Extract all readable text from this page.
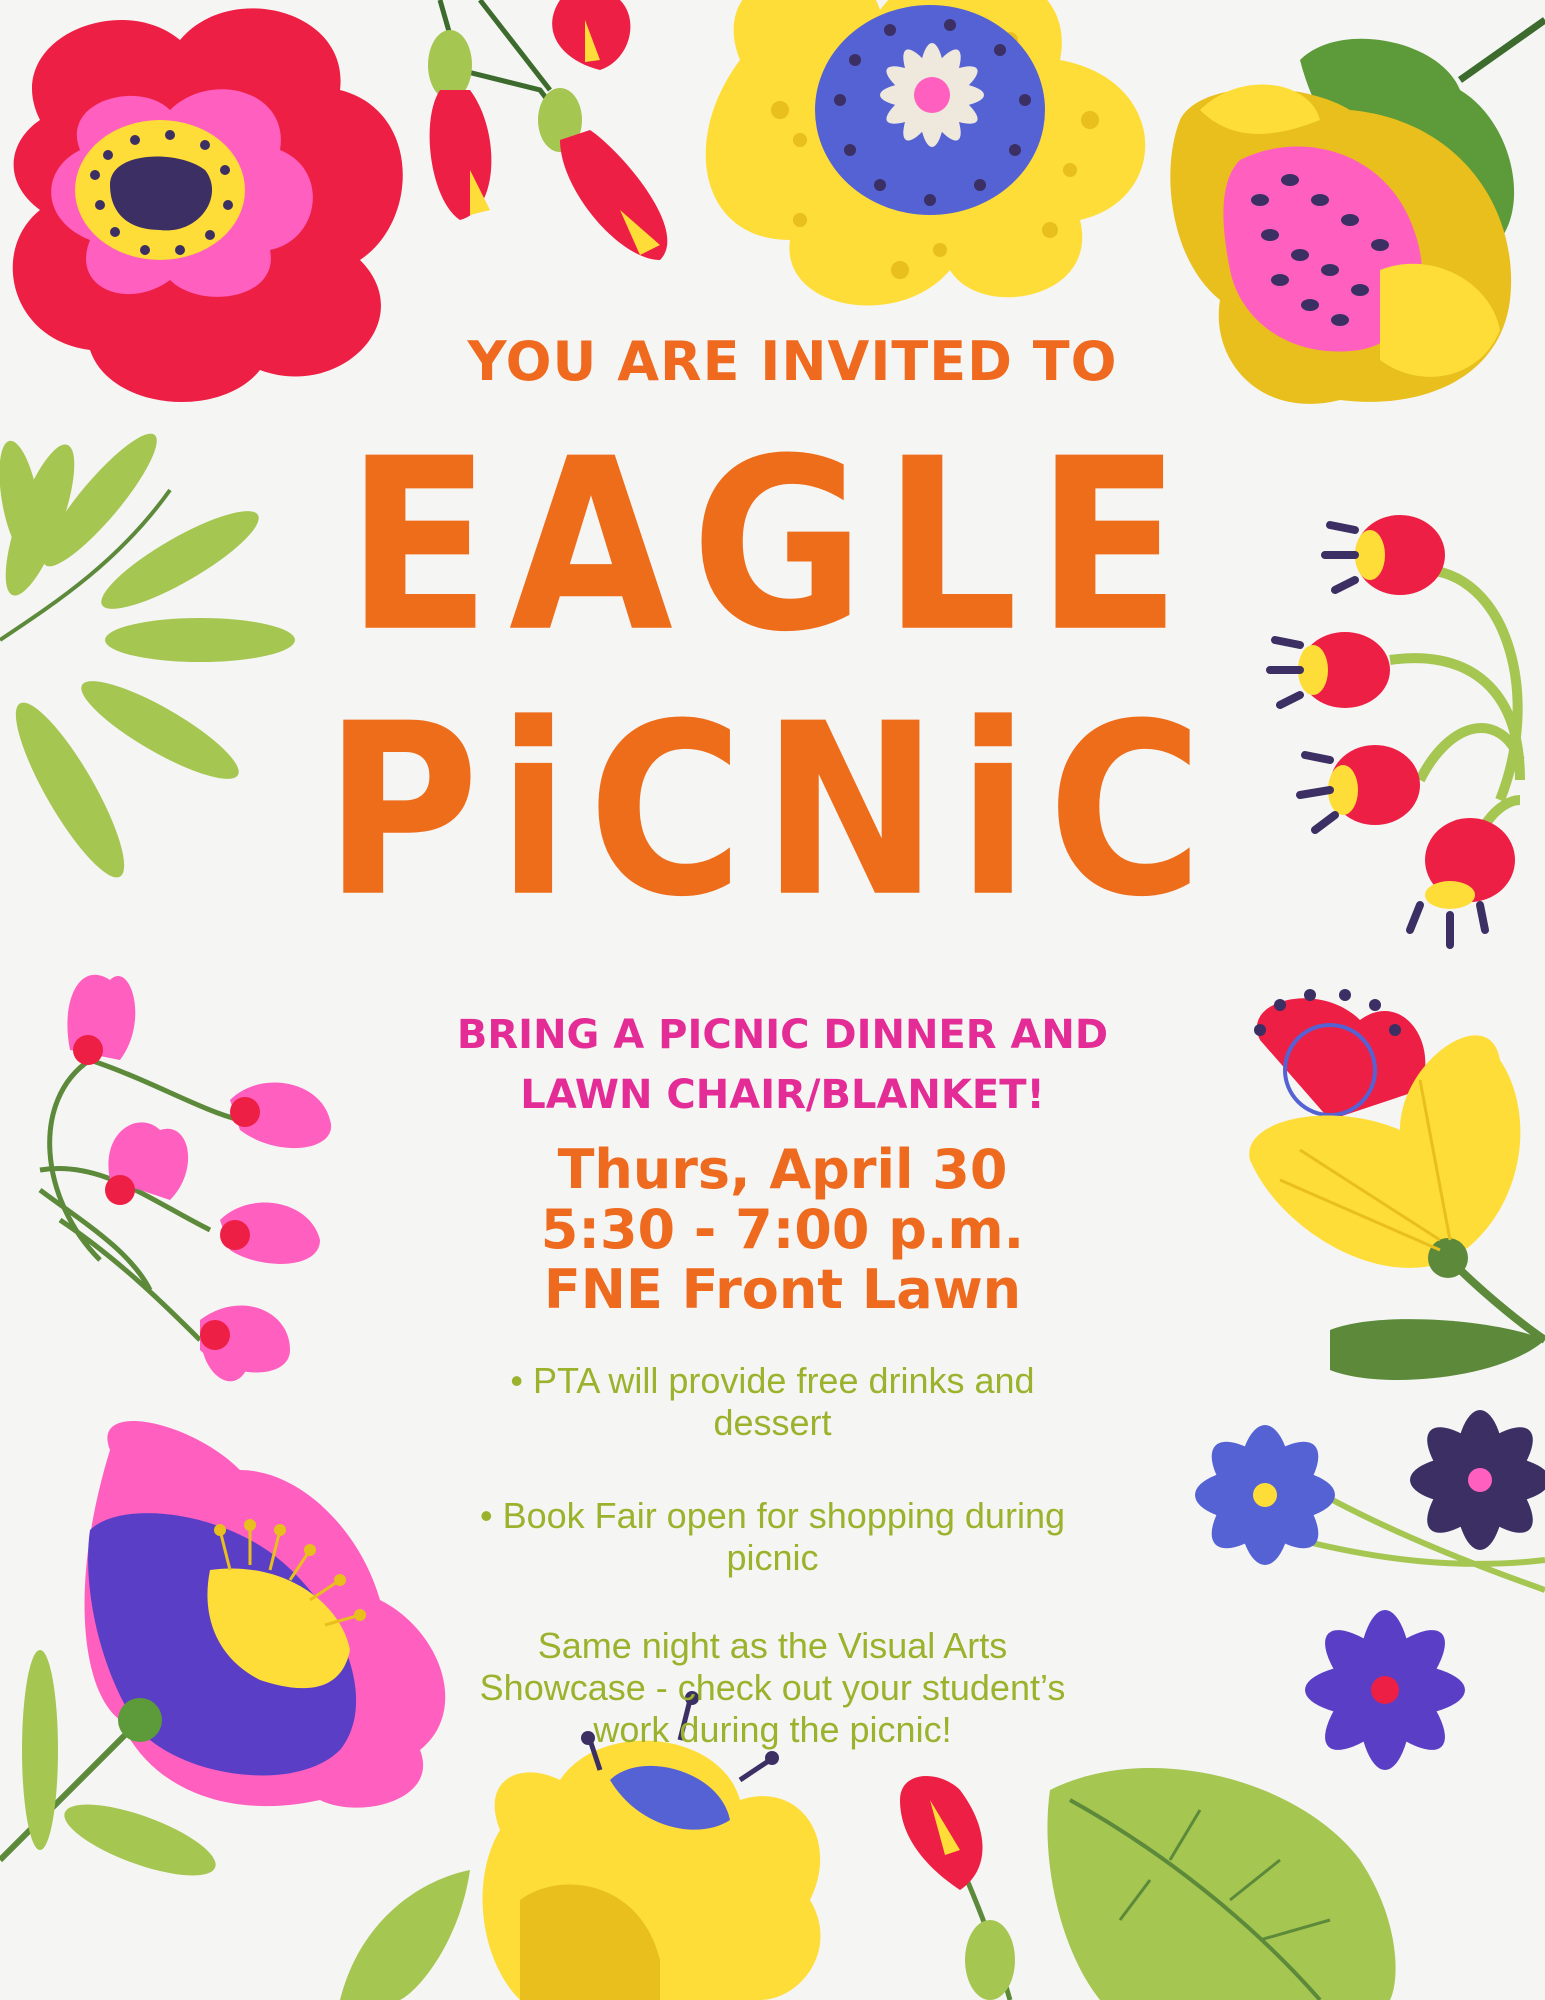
YOU ARE INVITED TO
EAGLE
PiCNiC
BRING A PICNIC DINNER AND
LAWN CHAIR/BLANKET!
Thurs, April 30
5:30 - 7:00 p.m.
FNE Front Lawn
• PTA will provide free drinks and
dessert
• Book Fair open for shopping during
picnic
Same night as the Visual Arts
Showcase - check out your student’s
work during the picnic!
